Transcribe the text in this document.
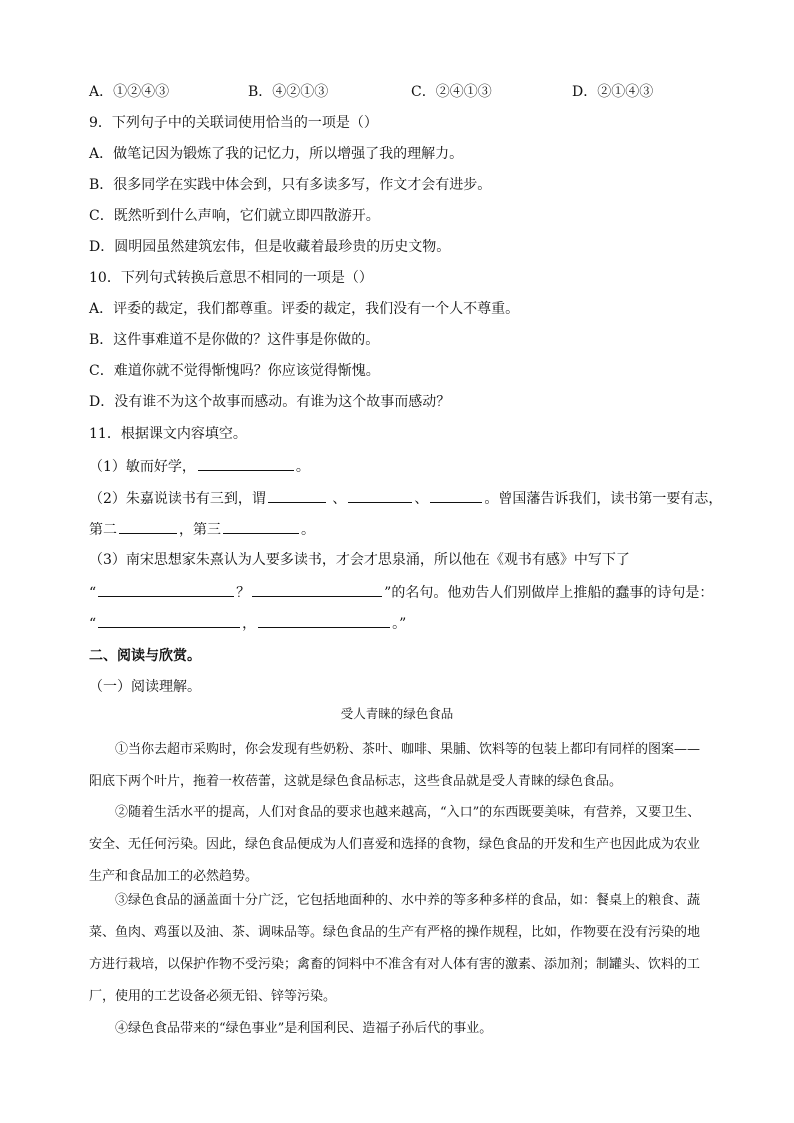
A．①②④③	B．④②①③	C．②④①③	D．②①④③
9．下列句子中的关联词使用恰当的一项是（）
A．做笔记因为锻炼了我的记忆力，所以增强了我的理解力。
B．很多同学在实践中体会到，只有多读多写，作文才会有进步。
C．既然听到什么声响，它们就立即四散游开。
D．圆明园虽然建筑宏伟，但是收藏着最珍贵的历史文物。
10．下列句式转换后意思不相同的一项是（）
A．评委的裁定，我们都尊重。评委的裁定，我们没有一个人不尊重。
B．这件事难道不是你做的？这件事是你做的。
C．难道你就不觉得惭愧吗？你应该觉得惭愧。
D．没有谁不为这个故事而感动。有谁为这个故事而感动？
11．根据课文内容填空。
（1）敏而好学，	。
（2）朱嘉说读书有三到，谓	、	、	。曾国藩告诉我们，读书第一要有志，
第二	，第三	。
（3）南宋思想家朱熹认为人要多读书，才会才思泉涌，所以他在《观书有感》中写下了
“	？	”的名句。他劝告人们别做岸上推船的蠢事的诗句是：
“	，	。”
二、阅读与欣赏。
（一）阅读理解。
受人青睐的绿色食品
①当你去超市采购时，你会发现有些奶粉、茶叶、咖啡、果脯、饮料等的包装上都印有同样的图案——阳底下两个叶片，拖着一枚蓓蕾，这就是绿色食品标志，这些食品就是受人青睐的绿色食品。
②随着生活水平的提高，人们对食品的要求也越来越高，“入口”的东西既要美味，有营养，又要卫生、安全、无任何污染。因此，绿色食品便成为人们喜爱和选择的食物，绿色食品的开发和生产也因此成为农业生产和食品加工的必然趋势。
③绿色食品的涵盖面十分广泛，它包括地面种的、水中养的等多种多样的食品，如：餐桌上的粮食、蔬菜、鱼肉、鸡蛋以及油、茶、调味品等。绿色食品的生产有严格的操作规程，比如，作物要在没有污染的地方进行栽培，以保护作物不受污染；禽畜的饲料中不准含有对人体有害的激素、添加剂；制罐头、饮料的工厂，使用的工艺设备必须无铅、锌等污染。
④绿色食品带来的“绿色事业”是利国利民、造福子孙后代的事业。
